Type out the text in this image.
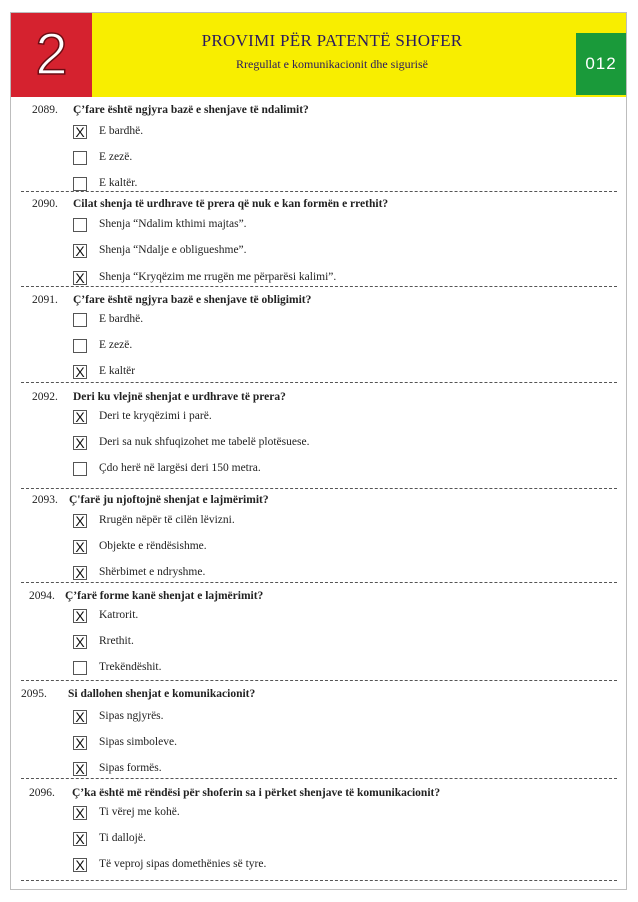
2	PROVIMI PËR PATENTË SHOFER
Rregullat e komunikacionit dhe sigurisë	012
2089. Ç’fare është ngjyra bazë e shenjave të ndalimit?
X E bardhë.
E zezë.
E kaltër.
2090. Cilat shenja të urdhrave të prera që nuk e kan formën e rrethit?
Shenja “Ndalim kthimi majtas”.
X Shenja “Ndalje e obligueshme”.
X Shenja “Kryqëzim me rrugën me përparësi kalimi”.
2091. Ç’fare është ngjyra bazë e shenjave të obligimit?
E bardhë.
E zezë.
X E kaltër
2092. Deri ku vlejnë shenjat e urdhrave të prera?
X Deri te kryqëzimi i parë.
X Deri sa nuk shfuqizohet me tabelë plotësuese.
Çdo herë në largësi deri 150 metra.
2093. Ç'farë ju njoftojnë shenjat e lajmërimit?
X Rrugën nëpër të cilën lëvizni.
X Objekte e rëndësishme.
X Shërbimet e ndryshme.
2094. Ç’farë forme kanë shenjat e lajmërimit?
X Katrorit.
X Rrethit.
Trekëndëshit.
2095. Si dallohen shenjat e komunikacionit?
X Sipas ngjyrës.
X Sipas simboleve.
X Sipas formës.
2096. Ç’ka është më rëndësi për shoferin sa i përket shenjave të komunikacionit?
X Ti vërej me kohë.
X Ti dallojë.
X Të veproj sipas domethënies së tyre.
